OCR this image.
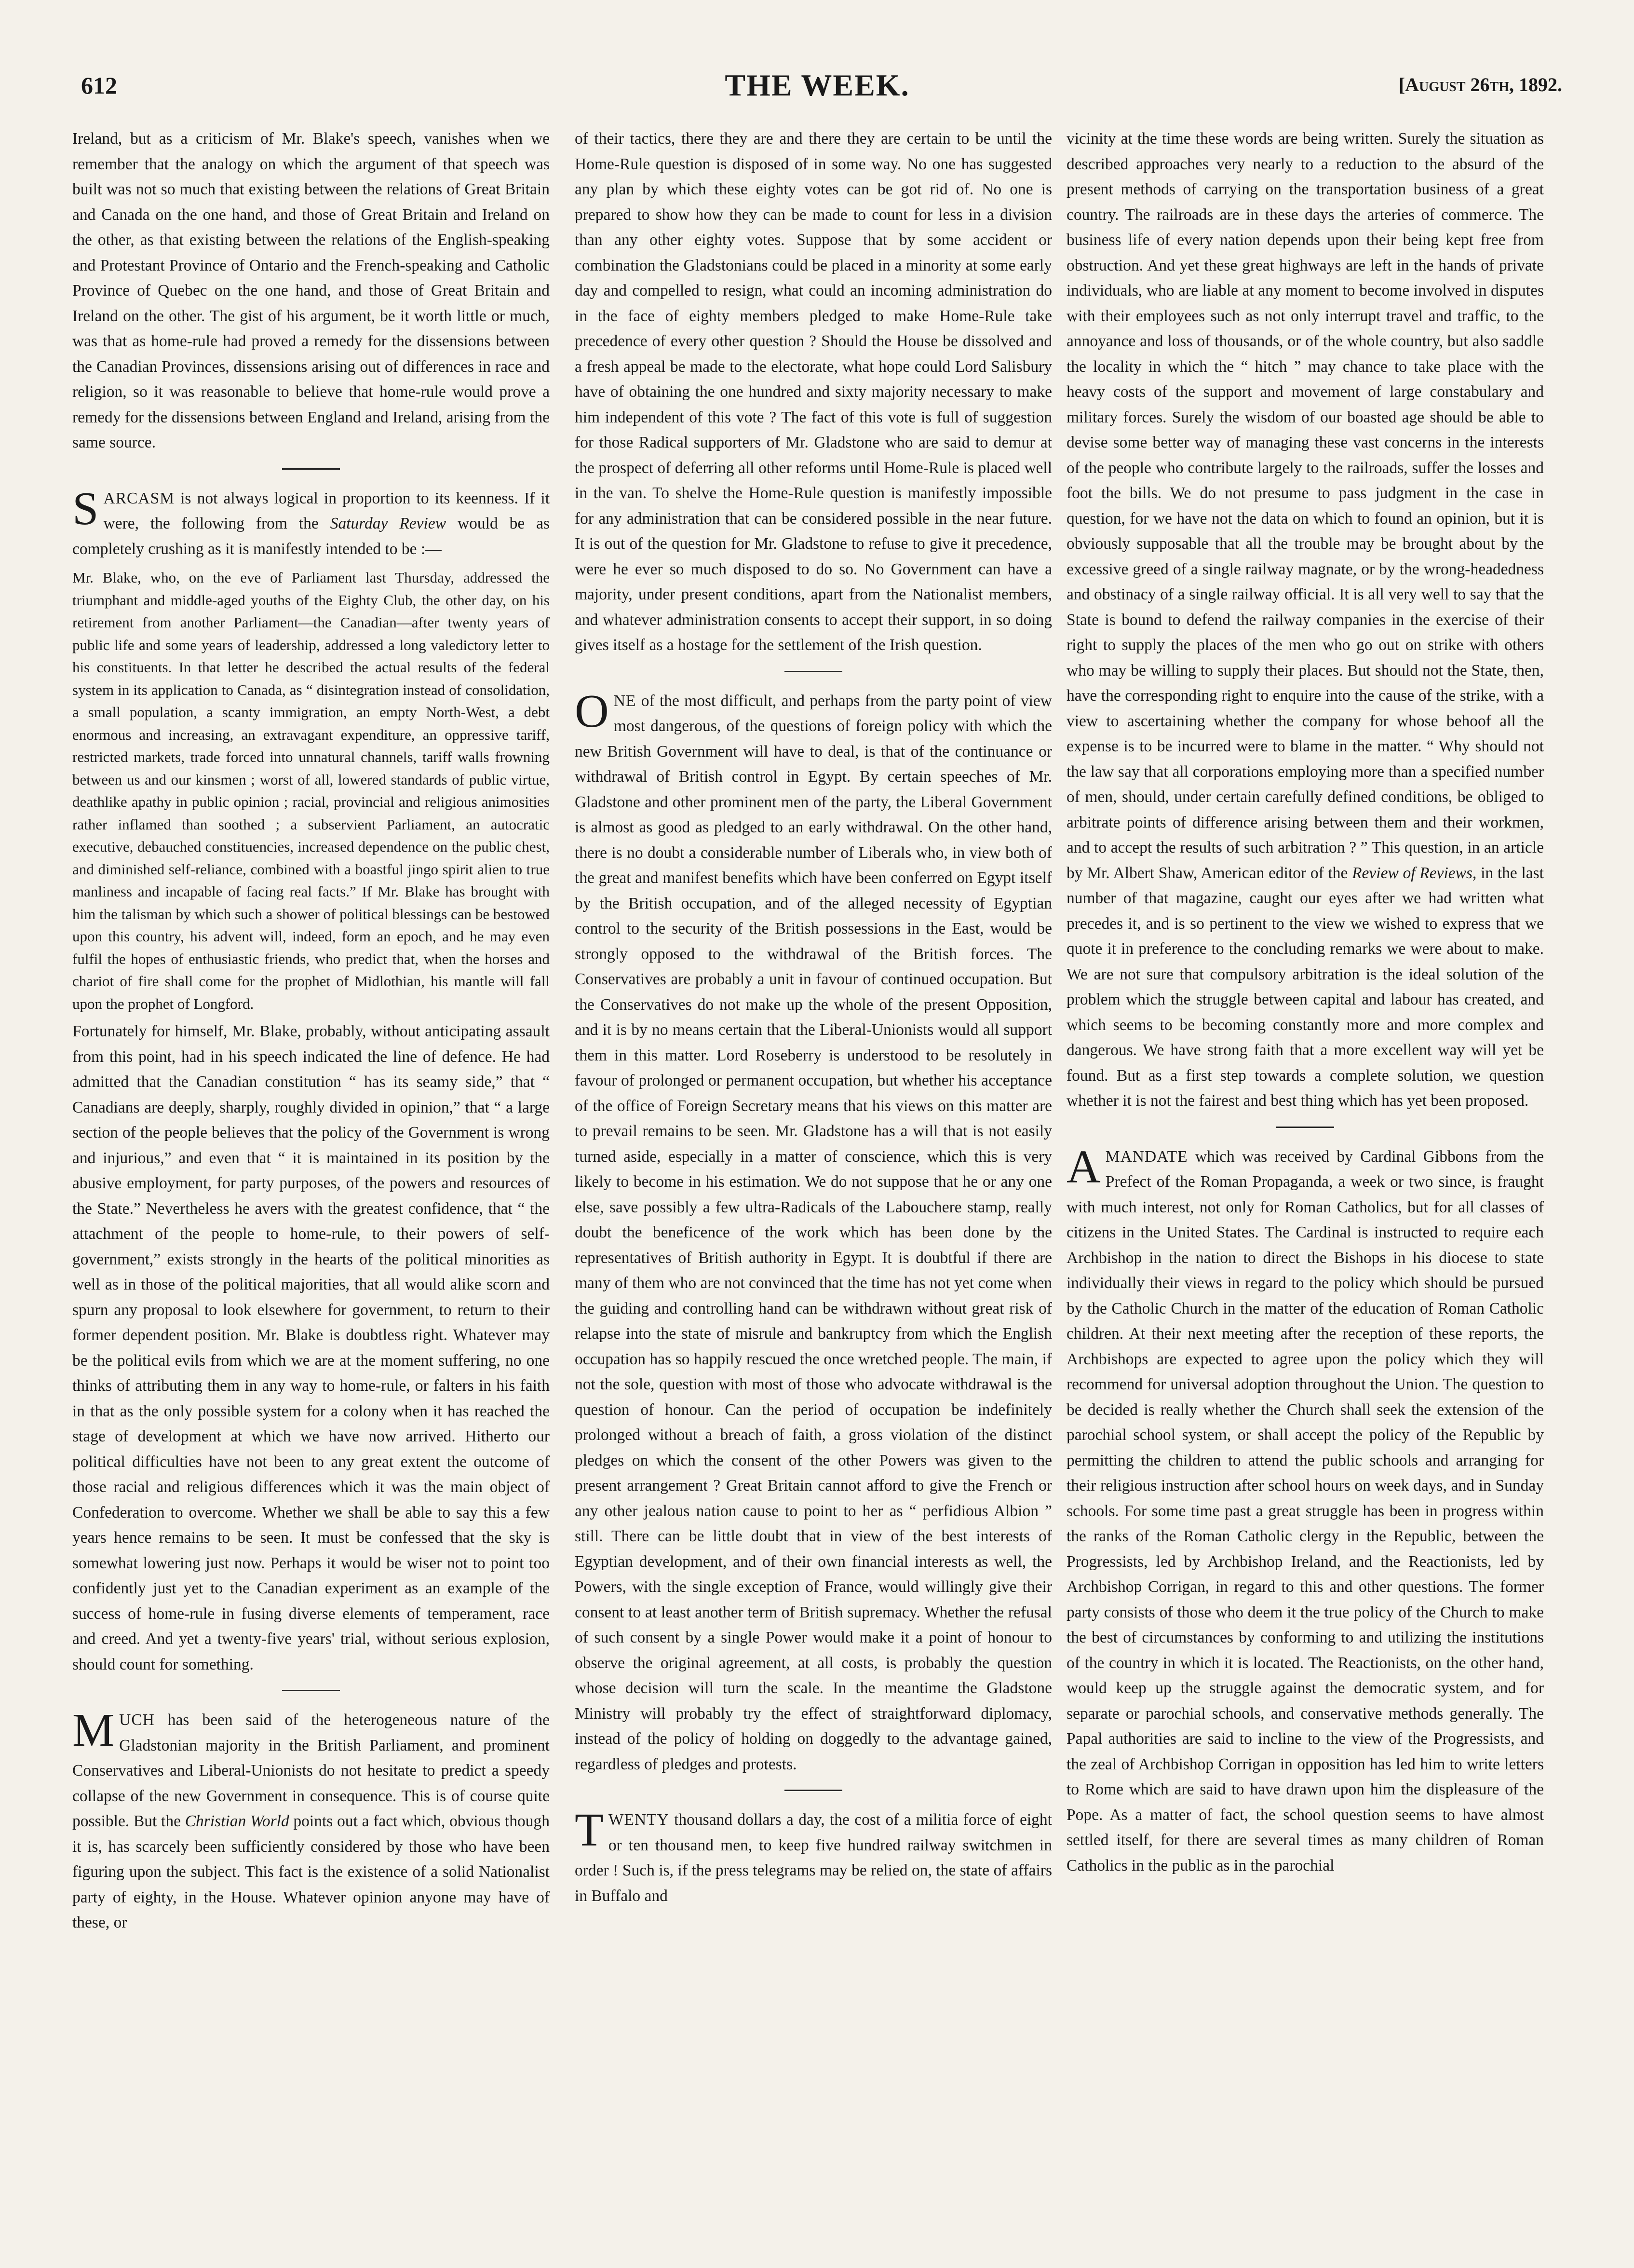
612	THE WEEK.	[August 26th, 1892.

Ireland, but as a criticism of Mr. Blake's speech, vanishes when we remember that the analogy on which the argument of that speech was built was not so much that existing between the relations of Great Britain and Canada on the one hand, and those of Great Britain and Ireland on the other, as that existing between the relations of the English-speaking and Protestant Province of Ontario and the French-speaking and Catholic Province of Quebec on the one hand, and those of Great Britain and Ireland on the other. The gist of his argument, be it worth little or much, was that as home-rule had proved a remedy for the dissensions between the Canadian Provinces, dissensions arising out of differences in race and religion, so it was reasonable to believe that home-rule would prove a remedy for the dissensions between England and Ireland, arising from the same source.

SARCASM is not always logical in proportion to its keenness. If it were, the following from the Saturday Review would be as completely crushing as it is manifestly intended to be :—

Mr. Blake, who, on the eve of Parliament last Thursday, addressed the triumphant and middle-aged youths of the Eighty Club, the other day, on his retirement from another Parliament—the Canadian—after twenty years of public life and some years of leadership, addressed a long valedictory letter to his constituents. In that letter he described the actual results of the federal system in its application to Canada, as “ disintegration instead of consolidation, a small population, a scanty immigration, an empty North-West, a debt enormous and increasing, an extravagant expenditure, an oppressive tariff, restricted markets, trade forced into unnatural channels, tariff walls frowning between us and our kinsmen ; worst of all, lowered standards of public virtue, deathlike apathy in public opinion ; racial, provincial and religious animosities rather inflamed than soothed ; a subservient Parliament, an autocratic executive, debauched constituencies, increased dependence on the public chest, and diminished self-reliance, combined with a boastful jingo spirit alien to true manliness and incapable of facing real facts.” If Mr. Blake has brought with him the talisman by which such a shower of political blessings can be bestowed upon this country, his advent will, indeed, form an epoch, and he may even fulfil the hopes of enthusiastic friends, who predict that, when the horses and chariot of fire shall come for the prophet of Midlothian, his mantle will fall upon the prophet of Longford.

Fortunately for himself, Mr. Blake, probably, without anticipating assault from this point, had in his speech indicated the line of defence. He had admitted that the Canadian constitution “ has its seamy side,” that “ Canadians are deeply, sharply, roughly divided in opinion,” that “ a large section of the people believes that the policy of the Government is wrong and injurious,” and even that “ it is maintained in its position by the abusive employment, for party purposes, of the powers and resources of the State.” Nevertheless he avers with the greatest confidence, that “ the attachment of the people to home-rule, to their powers of self-government,” exists strongly in the hearts of the political minorities as well as in those of the political majorities, that all would alike scorn and spurn any proposal to look elsewhere for government, to return to their former dependent position. Mr. Blake is doubtless right. Whatever may be the political evils from which we are at the moment suffering, no one thinks of attributing them in any way to home-rule, or falters in his faith in that as the only possible system for a colony when it has reached the stage of development at which we have now arrived. Hitherto our political difficulties have not been to any great extent the outcome of those racial and religious differences which it was the main object of Confederation to overcome. Whether we shall be able to say this a few years hence remains to be seen. It must be confessed that the sky is somewhat lowering just now. Perhaps it would be wiser not to point too confidently just yet to the Canadian experiment as an example of the success of home-rule in fusing diverse elements of temperament, race and creed. And yet a twenty-five years' trial, without serious explosion, should count for something.

MUCH has been said of the heterogeneous nature of the Gladstonian majority in the British Parliament, and prominent Conservatives and Liberal-Unionists do not hesitate to predict a speedy collapse of the new Government in consequence. This is of course quite possible. But the Christian World points out a fact which, obvious though it is, has scarcely been sufficiently considered by those who have been figuring upon the subject. This fact is the existence of a solid Nationalist party of eighty, in the House. Whatever opinion anyone may have of these, or

of their tactics, there they are and there they are certain to be until the Home-Rule question is disposed of in some way. No one has suggested any plan by which these eighty votes can be got rid of. No one is prepared to show how they can be made to count for less in a division than any other eighty votes. Suppose that by some accident or combination the Gladstonians could be placed in a minority at some early day and compelled to resign, what could an incoming administration do in the face of eighty members pledged to make Home-Rule take precedence of every other question ? Should the House be dissolved and a fresh appeal be made to the electorate, what hope could Lord Salisbury have of obtaining the one hundred and sixty majority necessary to make him independent of this vote ? The fact of this vote is full of suggestion for those Radical supporters of Mr. Gladstone who are said to demur at the prospect of deferring all other reforms until Home-Rule is placed well in the van. To shelve the Home-Rule question is manifestly impossible for any administration that can be considered possible in the near future. It is out of the question for Mr. Gladstone to refuse to give it precedence, were he ever so much disposed to do so. No Government can have a majority, under present conditions, apart from the Nationalist members, and whatever administration consents to accept their support, in so doing gives itself as a hostage for the settlement of the Irish question.

ONE of the most difficult, and perhaps from the party point of view most dangerous, of the questions of foreign policy with which the new British Government will have to deal, is that of the continuance or withdrawal of British control in Egypt. By certain speeches of Mr. Gladstone and other prominent men of the party, the Liberal Government is almost as good as pledged to an early withdrawal. On the other hand, there is no doubt a considerable number of Liberals who, in view both of the great and manifest benefits which have been conferred on Egypt itself by the British occupation, and of the alleged necessity of Egyptian control to the security of the British possessions in the East, would be strongly opposed to the withdrawal of the British forces. The Conservatives are probably a unit in favour of continued occupation. But the Conservatives do not make up the whole of the present Opposition, and it is by no means certain that the Liberal-Unionists would all support them in this matter. Lord Roseberry is understood to be resolutely in favour of prolonged or permanent occupation, but whether his acceptance of the office of Foreign Secretary means that his views on this matter are to prevail remains to be seen. Mr. Gladstone has a will that is not easily turned aside, especially in a matter of conscience, which this is very likely to become in his estimation. We do not suppose that he or any one else, save possibly a few ultra-Radicals of the Labouchere stamp, really doubt the beneficence of the work which has been done by the representatives of British authority in Egypt. It is doubtful if there are many of them who are not convinced that the time has not yet come when the guiding and controlling hand can be withdrawn without great risk of relapse into the state of misrule and bankruptcy from which the English occupation has so happily rescued the once wretched people. The main, if not the sole, question with most of those who advocate withdrawal is the question of honour. Can the period of occupation be indefinitely prolonged without a breach of faith, a gross violation of the distinct pledges on which the consent of the other Powers was given to the present arrangement ? Great Britain cannot afford to give the French or any other jealous nation cause to point to her as “ perfidious Albion ” still. There can be little doubt that in view of the best interests of Egyptian development, and of their own financial interests as well, the Powers, with the single exception of France, would willingly give their consent to at least another term of British supremacy. Whether the refusal of such consent by a single Power would make it a point of honour to observe the original agreement, at all costs, is probably the question whose decision will turn the scale. In the meantime the Gladstone Ministry will probably try the effect of straightforward diplomacy, instead of the policy of holding on doggedly to the advantage gained, regardless of pledges and protests.

TWENTY thousand dollars a day, the cost of a militia force of eight or ten thousand men, to keep five hundred railway switchmen in order ! Such is, if the press telegrams may be relied on, the state of affairs in Buffalo and

vicinity at the time these words are being written. Surely the situation as described approaches very nearly to a reduction to the absurd of the present methods of carrying on the transportation business of a great country. The railroads are in these days the arteries of commerce. The business life of every nation depends upon their being kept free from obstruction. And yet these great highways are left in the hands of private individuals, who are liable at any moment to become involved in disputes with their employees such as not only interrupt travel and traffic, to the annoyance and loss of thousands, or of the whole country, but also saddle the locality in which the “ hitch ” may chance to take place with the heavy costs of the support and movement of large constabulary and military forces. Surely the wisdom of our boasted age should be able to devise some better way of managing these vast concerns in the interests of the people who contribute largely to the railroads, suffer the losses and foot the bills. We do not presume to pass judgment in the case in question, for we have not the data on which to found an opinion, but it is obviously supposable that all the trouble may be brought about by the excessive greed of a single railway magnate, or by the wrong-headedness and obstinacy of a single railway official. It is all very well to say that the State is bound to defend the railway companies in the exercise of their right to supply the places of the men who go out on strike with others who may be willing to supply their places. But should not the State, then, have the corresponding right to enquire into the cause of the strike, with a view to ascertaining whether the company for whose behoof all the expense is to be incurred were to blame in the matter. “ Why should not the law say that all corporations employing more than a specified number of men, should, under certain carefully defined conditions, be obliged to arbitrate points of difference arising between them and their workmen, and to accept the results of such arbitration ? ” This question, in an article by Mr. Albert Shaw, American editor of the Review of Reviews, in the last number of that magazine, caught our eyes after we had written what precedes it, and is so pertinent to the view we wished to express that we quote it in preference to the concluding remarks we were about to make. We are not sure that compulsory arbitration is the ideal solution of the problem which the struggle between capital and labour has created, and which seems to be becoming constantly more and more complex and dangerous. We have strong faith that a more excellent way will yet be found. But as a first step towards a complete solution, we question whether it is not the fairest and best thing which has yet been proposed.

AMANDATE which was received by Cardinal Gibbons from the Prefect of the Roman Propaganda, a week or two since, is fraught with much interest, not only for Roman Catholics, but for all classes of citizens in the United States. The Cardinal is instructed to require each Archbishop in the nation to direct the Bishops in his diocese to state individually their views in regard to the policy which should be pursued by the Catholic Church in the matter of the education of Roman Catholic children. At their next meeting after the reception of these reports, the Archbishops are expected to agree upon the policy which they will recommend for universal adoption throughout the Union. The question to be decided is really whether the Church shall seek the extension of the parochial school system, or shall accept the policy of the Republic by permitting the children to attend the public schools and arranging for their religious instruction after school hours on week days, and in Sunday schools. For some time past a great struggle has been in progress within the ranks of the Roman Catholic clergy in the Republic, between the Progressists, led by Archbishop Ireland, and the Reactionists, led by Archbishop Corrigan, in regard to this and other questions. The former party consists of those who deem it the true policy of the Church to make the best of circumstances by conforming to and utilizing the institutions of the country in which it is located. The Reactionists, on the other hand, would keep up the struggle against the democratic system, and for separate or parochial schools, and conservative methods generally. The Papal authorities are said to incline to the view of the Progressists, and the zeal of Archbishop Corrigan in opposition has led him to write letters to Rome which are said to have drawn upon him the displeasure of the Pope. As a matter of fact, the school question seems to have almost settled itself, for there are several times as many children of Roman Catholics in the public as in the parochial
